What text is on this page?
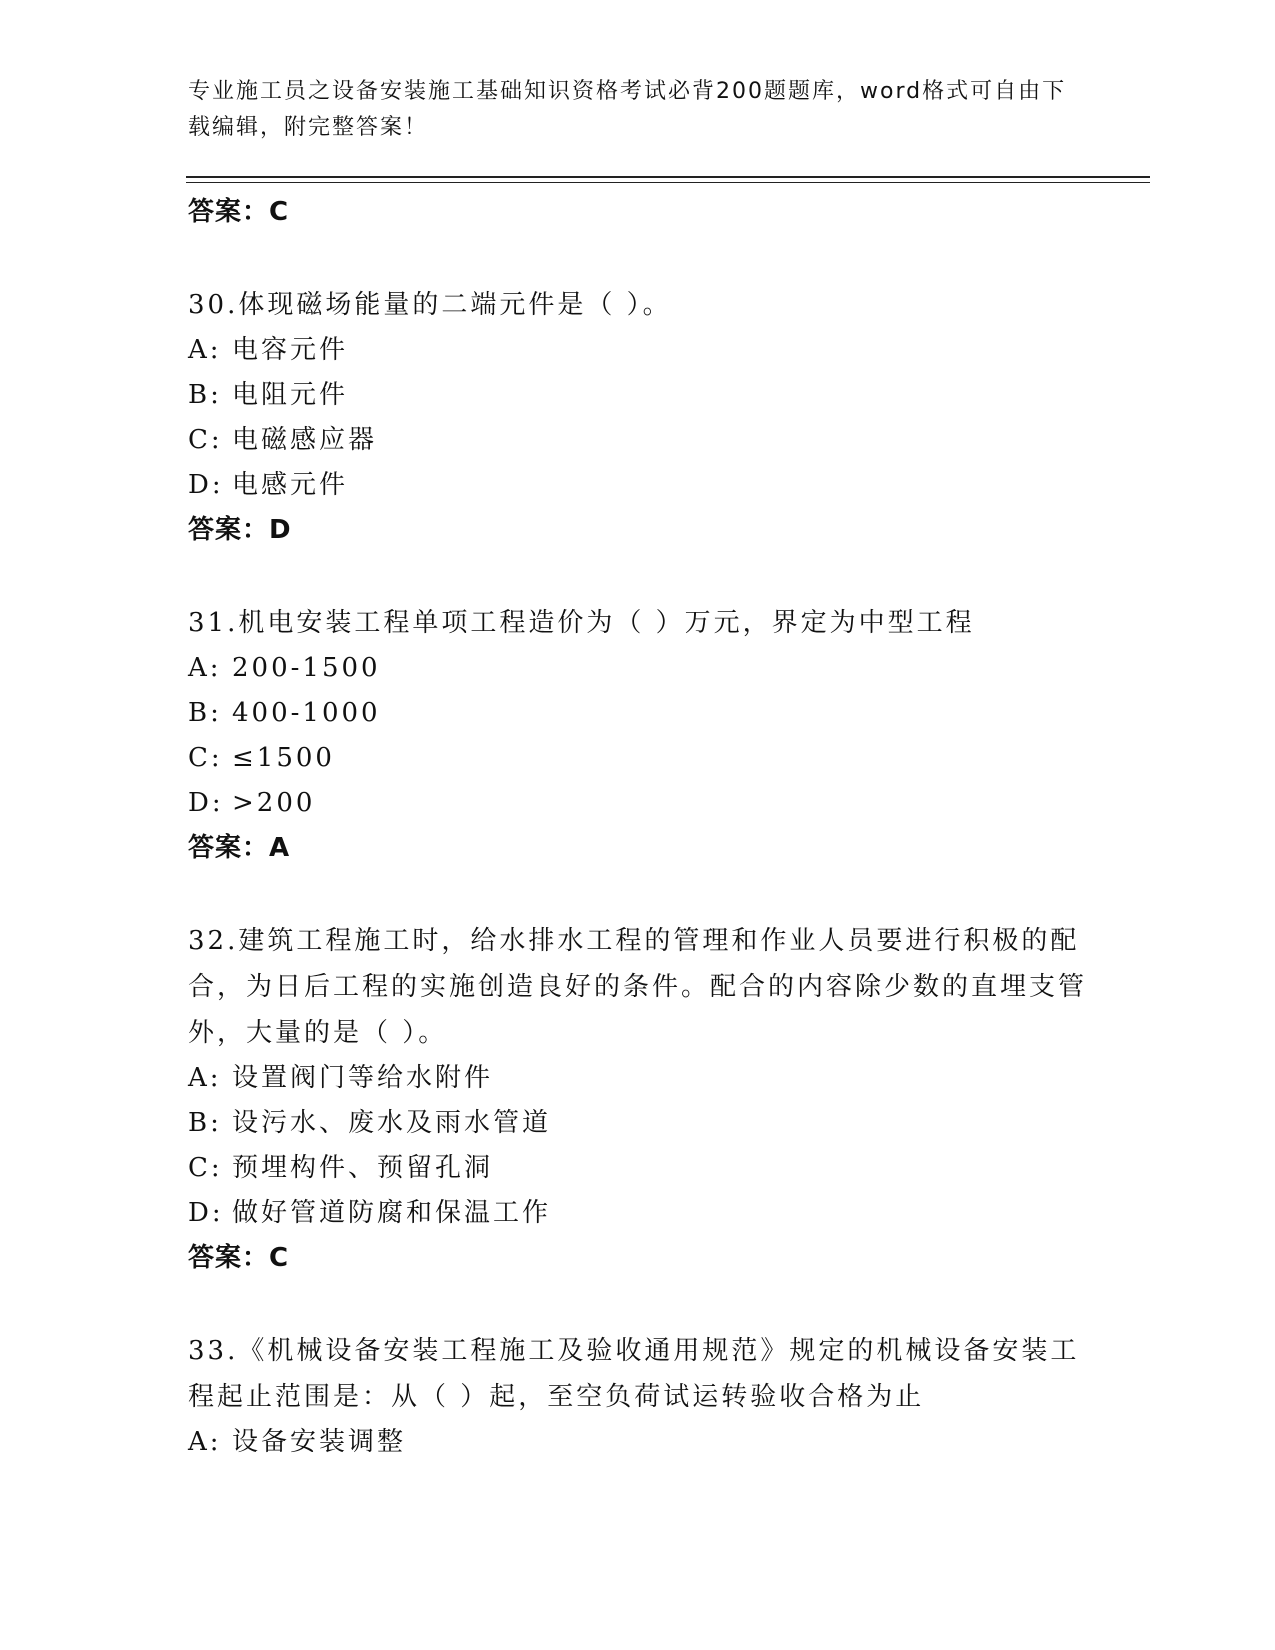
专业施工员之设备安装施工基础知识资格考试必背200题题库，word格式可自由下载编辑，附完整答案！
答案：C
30.体现磁场能量的二端元件是（ ）。
A: 电容元件
B: 电阻元件
C: 电磁感应器
D: 电感元件
答案：D
31.机电安装工程单项工程造价为（ ）万元，界定为中型工程
A: 200-1500
B: 400-1000
C: ≤1500
D: >200
答案：A
32.建筑工程施工时，给水排水工程的管理和作业人员要进行积极的配合，为日后工程的实施创造良好的条件。配合的内容除少数的直埋支管外，大量的是（ ）。
A: 设置阀门等给水附件
B: 设污水、废水及雨水管道
C: 预埋构件、预留孔洞
D: 做好管道防腐和保温工作
答案：C
33.《机械设备安装工程施工及验收通用规范》规定的机械设备安装工程起止范围是：从（ ）起，至空负荷试运转验收合格为止
A: 设备安装调整
